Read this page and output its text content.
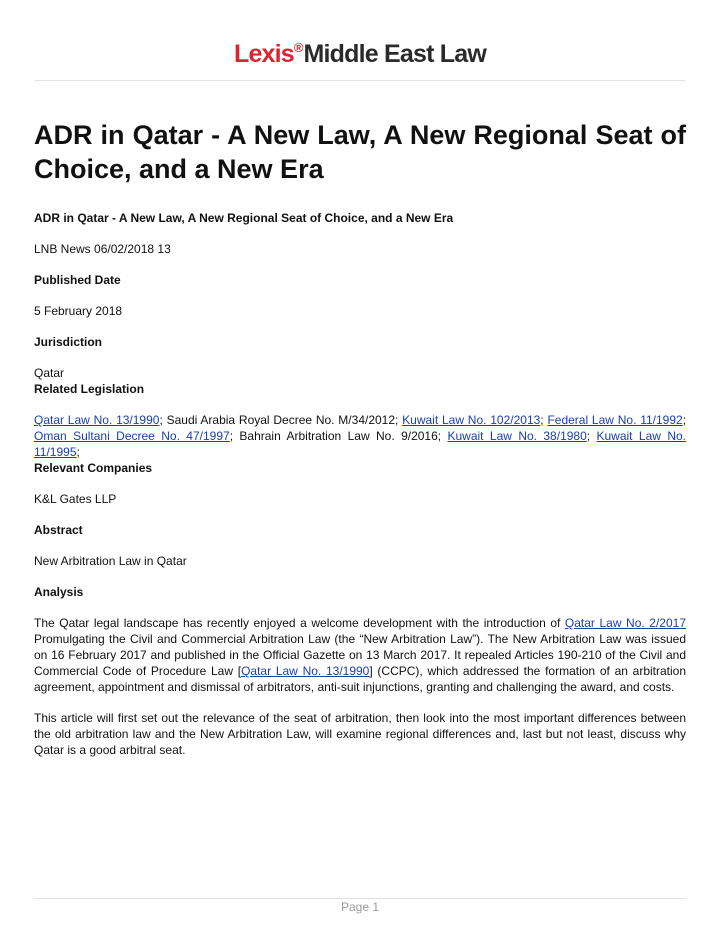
Lexis®Middle East Law
ADR in Qatar - A New Law, A New Regional Seat of Choice, and a New Era
ADR in Qatar - A New Law, A New Regional Seat of Choice, and a New Era
LNB News 06/02/2018 13
Published Date
5 February 2018
Jurisdiction
Qatar
Related Legislation
Qatar Law No. 13/1990; Saudi Arabia Royal Decree No. M/34/2012; Kuwait Law No. 102/2013; Federal Law No. 11/1992; Oman Sultani Decree No. 47/1997; Bahrain Arbitration Law No. 9/2016; Kuwait Law No. 38/1980; Kuwait Law No. 11/1995;
Relevant Companies
K&L Gates LLP
Abstract
New Arbitration Law in Qatar
Analysis
The Qatar legal landscape has recently enjoyed a welcome development with the introduction of Qatar Law No. 2/2017 Promulgating the Civil and Commercial Arbitration Law (the “New Arbitration Law”). The New Arbitration Law was issued on 16 February 2017 and published in the Official Gazette on 13 March 2017. It repealed Articles 190-210 of the Civil and Commercial Code of Procedure Law [Qatar Law No. 13/1990] (CCPC), which addressed the formation of an arbitration agreement, appointment and dismissal of arbitrators, anti-suit injunctions, granting and challenging the award, and costs.
This article will first set out the relevance of the seat of arbitration, then look into the most important differences between the old arbitration law and the New Arbitration Law, will examine regional differences and, last but not least, discuss why Qatar is a good arbitral seat.
Page 1
